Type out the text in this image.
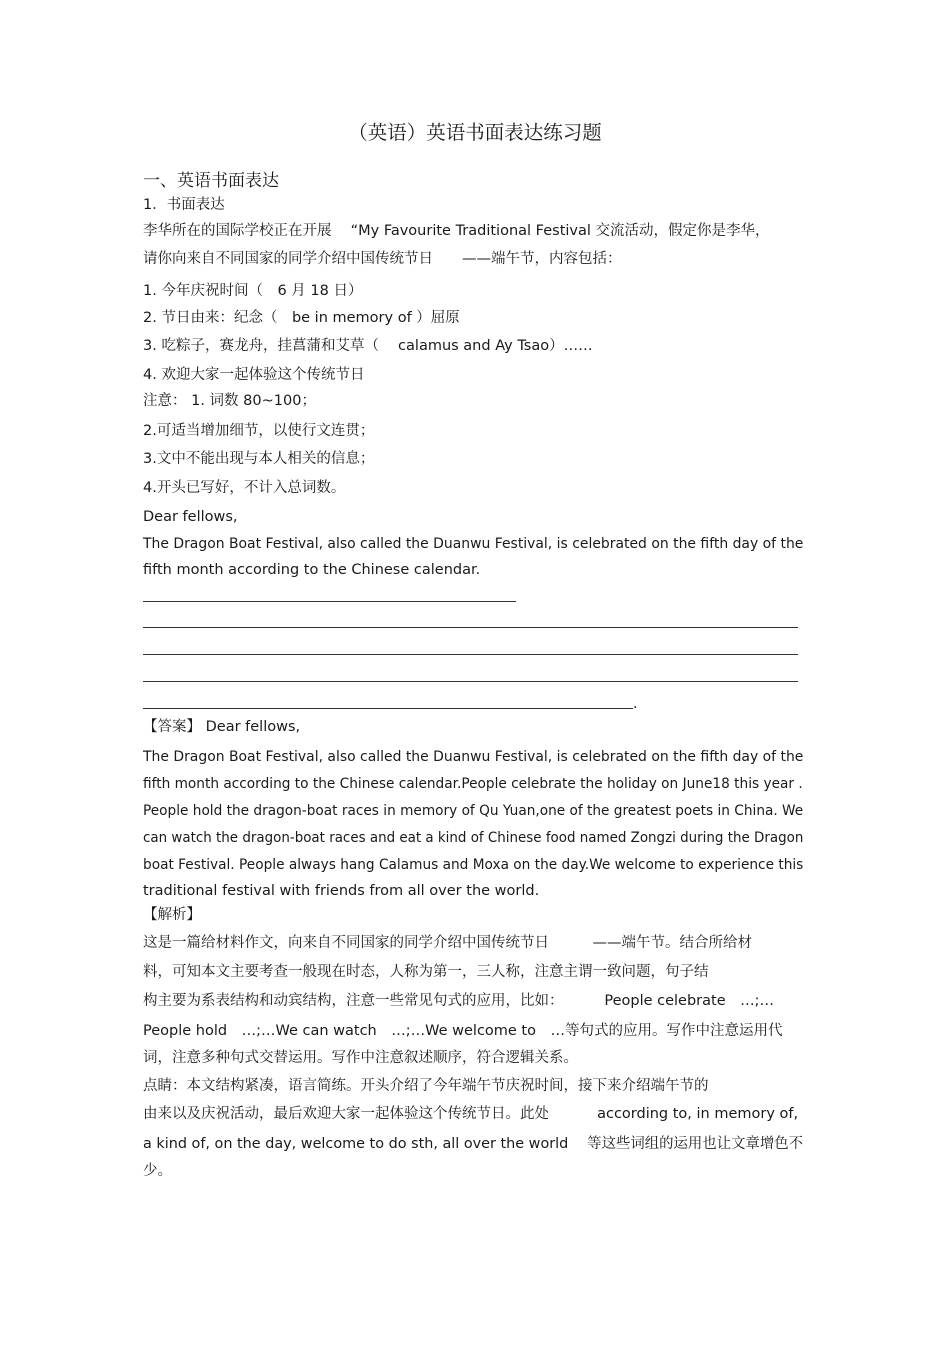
（英语）英语书面表达练习题
一、英语书面表达
1．书面表达
李华所在的国际学校正在开展　 “My Favourite Traditional Festival 交流活动，假定你是李华，
请你向来自不同国家的同学介绍中国传统节日　　——端午节，内容包括：
1. 今年庆祝时间（　6 月 18 日）
2. 节日由来：纪念（　be in memory of ）屈原
3. 吃粽子，赛龙舟，挂菖蒲和艾草（　 calamus and Ay Tsao）……
4. 欢迎大家一起体验这个传统节日
注意： 1. 词数 80~100；
2.可适当增加细节，以使行文连贯；
3.文中不能出现与本人相关的信息；
4.开头已写好，不计入总词数。
Dear fellows,
The Dragon Boat Festival, also called the Duanwu Festival, is celebrated on the fifth day of the
fifth month according to the Chinese calendar.
.
【答案】 Dear fellows,
The Dragon Boat Festival, also called the Duanwu Festival, is celebrated on the fifth day of the
fifth month according to the Chinese calendar.People celebrate the holiday on June18 this year .
People hold the dragon-boat races in memory of Qu Yuan,one of the greatest poets in China. We
can watch the dragon-boat races and eat a kind of Chinese food named Zongzi during the Dragon
boat Festival. People always hang Calamus and Moxa on the day.We welcome to experience this
traditional festival with friends from all over the world.
【解析】
这是一篇给材料作文，向来自不同国家的同学介绍中国传统节日　　　——端午节。结合所给材
料，可知本文主要考查一般现在时态，人称为第一，三人称，注意主谓一致问题，句子结
构主要为系表结构和动宾结构，注意一些常见句式的应用，比如：　　　 People celebrate　…;…
People hold　…;…We can watch　…;…We welcome to　…等句式的应用。写作中注意运用代
词，注意多种句式交替运用。写作中注意叙述顺序，符合逻辑关系。
点睛：本文结构紧凑，语言简练。开头介绍了今年端午节庆祝时间，接下来介绍端午节的
由来以及庆祝活动，最后欢迎大家一起体验这个传统节日。此处　　　 according to, in memory of,
a kind of, on the day, welcome to do sth, all over the world　 等这些词组的运用也让文章增色不
少。
